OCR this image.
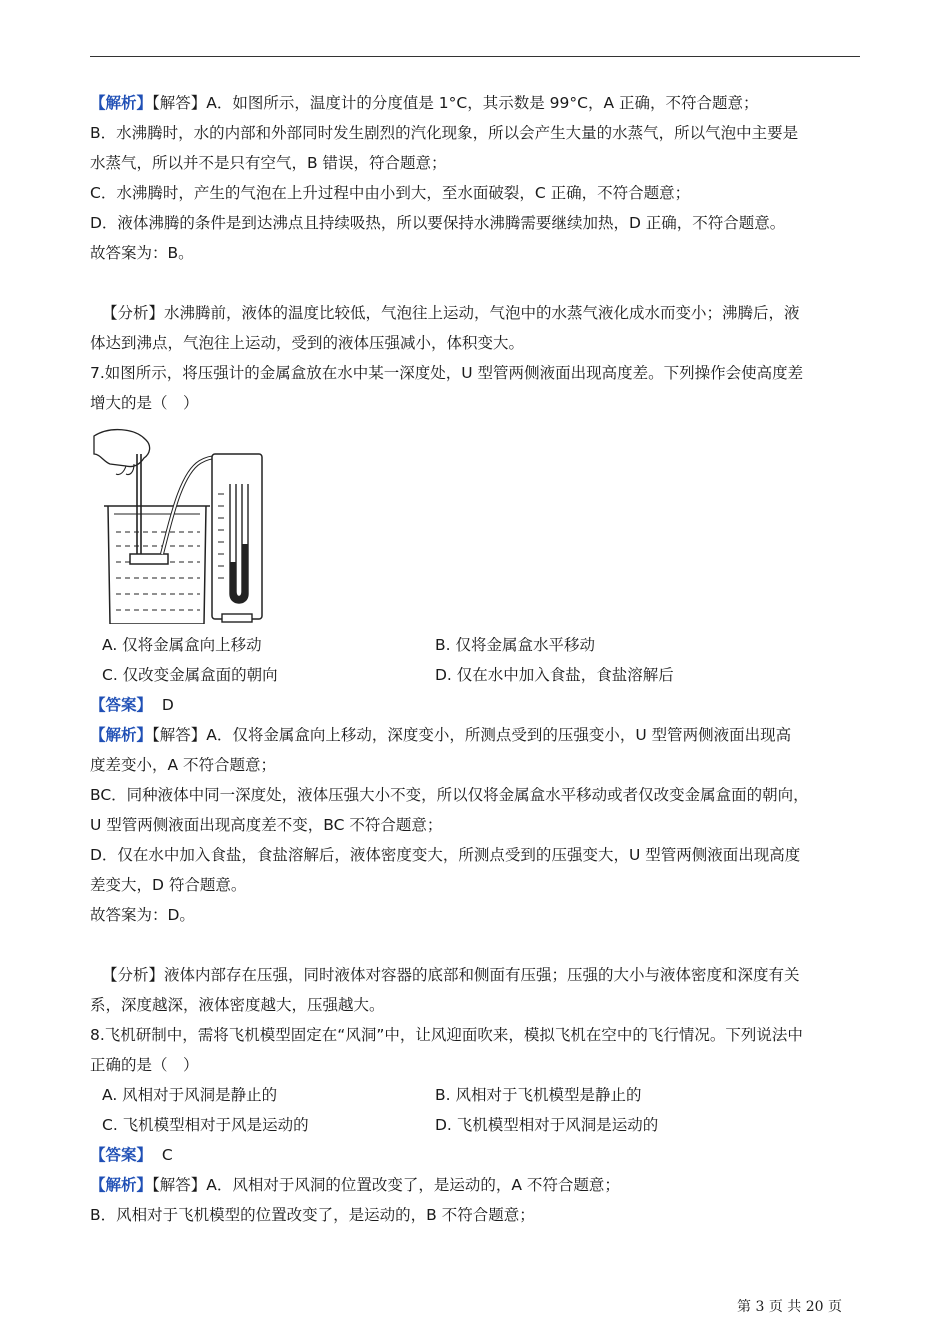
【解析】【解答】A．如图所示，温度计的分度值是 1°C，其示数是 99°C，A 正确，不符合题意；
B．水沸腾时，水的内部和外部同时发生剧烈的汽化现象，所以会产生大量的水蒸气，所以气泡中主要是
水蒸气，所以并不是只有空气，B 错误，符合题意；
C．水沸腾时，产生的气泡在上升过程中由小到大，至水面破裂，C 正确，不符合题意；
D．液体沸腾的条件是到达沸点且持续吸热，所以要保持水沸腾需要继续加热，D 正确，不符合题意。
故答案为：B。
【分析】水沸腾前，液体的温度比较低，气泡往上运动，气泡中的水蒸气液化成水而变小；沸腾后，液
体达到沸点，气泡往上运动，受到的液体压强减小，体积变大。
7.如图所示，将压强计的金属盒放在水中某一深度处，U 型管两侧液面出现高度差。下列操作会使高度差
增大的是（　）
A. 仅将金属盒向上移动	B. 仅将金属盒水平移动
C. 仅改变金属盒面的朝向	D. 仅在水中加入食盐，食盐溶解后
【答案】 D
【解析】【解答】A．仅将金属盒向上移动，深度变小，所测点受到的压强变小，U 型管两侧液面出现高
度差变小，A 不符合题意；
BC．同种液体中同一深度处，液体压强大小不变，所以仅将金属盒水平移动或者仅改变金属盒面的朝向，
U 型管两侧液面出现高度差不变，BC 不符合题意；
D．仅在水中加入食盐，食盐溶解后，液体密度变大，所测点受到的压强变大，U 型管两侧液面出现高度
差变大，D 符合题意。
故答案为：D。
【分析】液体内部存在压强，同时液体对容器的底部和侧面有压强；压强的大小与液体密度和深度有关
系，深度越深，液体密度越大，压强越大。
8.飞机研制中，需将飞机模型固定在“风洞”中，让风迎面吹来，模拟飞机在空中的飞行情况。下列说法中
正确的是（　）
A. 风相对于风洞是静止的	B. 风相对于飞机模型是静止的
C. 飞机模型相对于风是运动的	D. 飞机模型相对于风洞是运动的
【答案】 C
【解析】【解答】A．风相对于风洞的位置改变了，是运动的，A 不符合题意；
B．风相对于飞机模型的位置改变了，是运动的，B 不符合题意；
第 3 页 共 20 页
